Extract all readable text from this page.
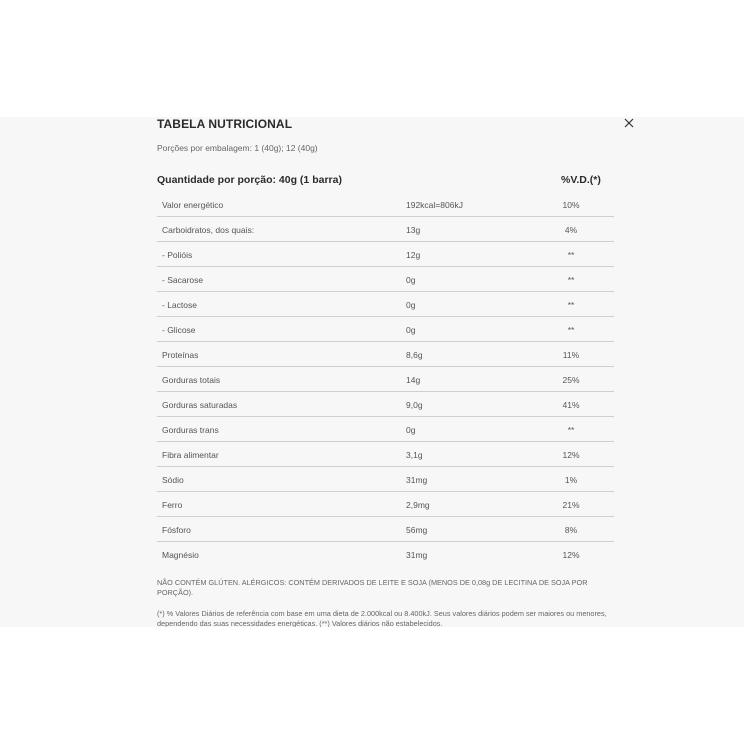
TABELA NUTRICIONAL
Porções por embalagem: 1 (40g); 12 (40g)
Quantidade por porção: 40g (1 barra)	%V.D.(*)
Valor energético	192kcal=806kJ	10%
Carboidratos, dos quais:	13g	4%
- Polióis	12g	**
- Sacarose	0g	**
- Lactose	0g	**
- Glicose	0g	**
Proteínas	8,6g	11%
Gorduras totais	14g	25%
Gorduras saturadas	9,0g	41%
Gorduras trans	0g	**
Fibra alimentar	3,1g	12%
Sódio	31mg	1%
Ferro	2,9mg	21%
Fósforo	56mg	8%
Magnésio	31mg	12%
NÃO CONTÉM GLÚTEN. ALÉRGICOS: CONTÉM DERIVADOS DE LEITE E SOJA (MENOS DE 0,08g DE LECITINA DE SOJA POR PORÇÃO).
(*) % Valores Diários de referência com base em uma dieta de 2.000kcal ou 8.400kJ. Seus valores diários podem ser maiores ou menores, dependendo das suas necessidades energéticas. (**) Valores diários não estabelecidos.
